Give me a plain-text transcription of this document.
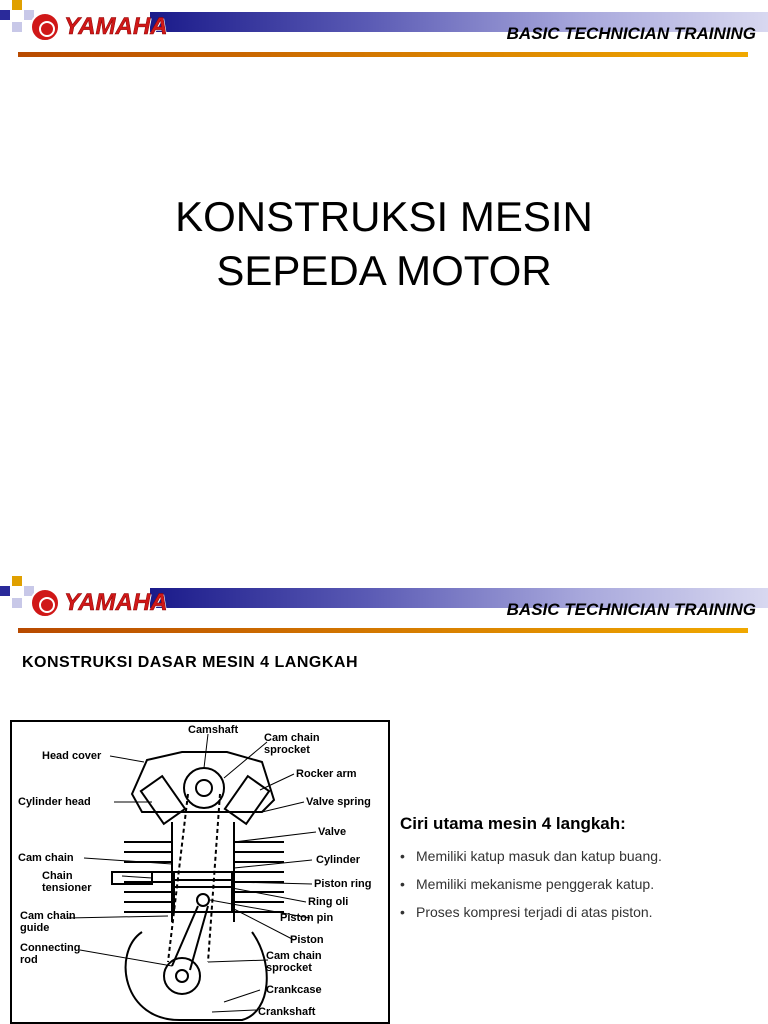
YAMAHA	BASIC TECHNICIAN TRAINING
KONSTRUKSI MESIN
SEPEDA MOTOR
YAMAHA	BASIC TECHNICIAN TRAINING
KONSTRUKSI DASAR MESIN 4 LANGKAH
Camshaft
Cam chain
sprocket
Head cover
Rocker arm
Cylinder head	Valve spring
Valve
Cam chain	Cylinder
Chain
tensioner	Piston ring
Ring oli
Cam chain
guide
Piston pin
Connecting
rod
Piston
Cam chain
sprocket
Crankcase
Crankshaft
Ciri utama mesin 4 langkah:
• Memiliki katup masuk dan katup buang.
• Memiliki mekanisme penggerak katup.
• Proses kompresi terjadi di atas piston.
